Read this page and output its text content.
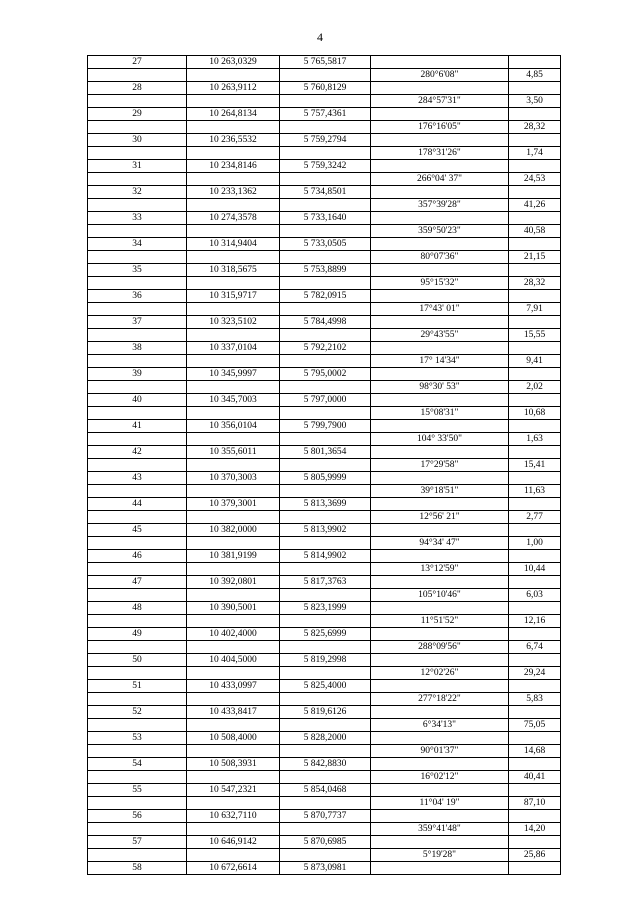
4
27	10 263,0329	5 765,5817		
			280°6'08"	4,85
28	10 263,9112	5 760,8129		
			284°57'31"	3,50
29	10 264,8134	5 757,4361		
			176°16'05"	28,32
30	10 236,5532	5 759,2794		
			178°31'26"	1,74
31	10 234,8146	5 759,3242		
			266°04' 37"	24,53
32	10 233,1362	5 734,8501		
			357°39'28"	41,26
33	10 274,3578	5 733,1640		
			359°50'23"	40,58
34	10 314,9404	5 733,0505		
			80°07'36"	21,15
35	10 318,5675	5 753,8899		
			95°15'32"	28,32
36	10 315,9717	5 782,0915		
			17°43' 01"	7,91
37	10 323,5102	5 784,4998		
			29°43'55"	15,55
38	10 337,0104	5 792,2102		
			17° 14'34"	9,41
39	10 345,9997	5 795,0002		
			98°30' 53"	2,02
40	10 345,7003	5 797,0000		
			15°08'31"	10,68
41	10 356,0104	5 799,7900		
			104° 33'50"	1,63
42	10 355,6011	5 801,3654		
			17°29'58"	15,41
43	10 370,3003	5 805,9999		
			39°18'51"	11,63
44	10 379,3001	5 813,3699		
			12°56' 21"	2,77
45	10 382,0000	5 813,9902		
			94°34' 47"	1,00
46	10 381,9199	5 814,9902		
			13°12'59"	10,44
47	10 392,0801	5 817,3763		
			105°10'46"	6,03
48	10 390,5001	5 823,1999		
			11°51'52"	12,16
49	10 402,4000	5 825,6999		
			288°09'56"	6,74
50	10 404,5000	5 819,2998		
			12°02'26"	29,24
51	10 433,0997	5 825,4000		
			277°18'22"	5,83
52	10 433,8417	5 819,6126		
			6°34'13"	75,05
53	10 508,4000	5 828,2000		
			90°01'37"	14,68
54	10 508,3931	5 842,8830		
			16°02'12"	40,41
55	10 547,2321	5 854,0468		
			11°04' 19"	87,10
56	10 632,7110	5 870,7737		
			359°41'48"	14,20
57	10 646,9142	5 870,6985		
			5°19'28"	25,86
58	10 672,6614	5 873,0981		
